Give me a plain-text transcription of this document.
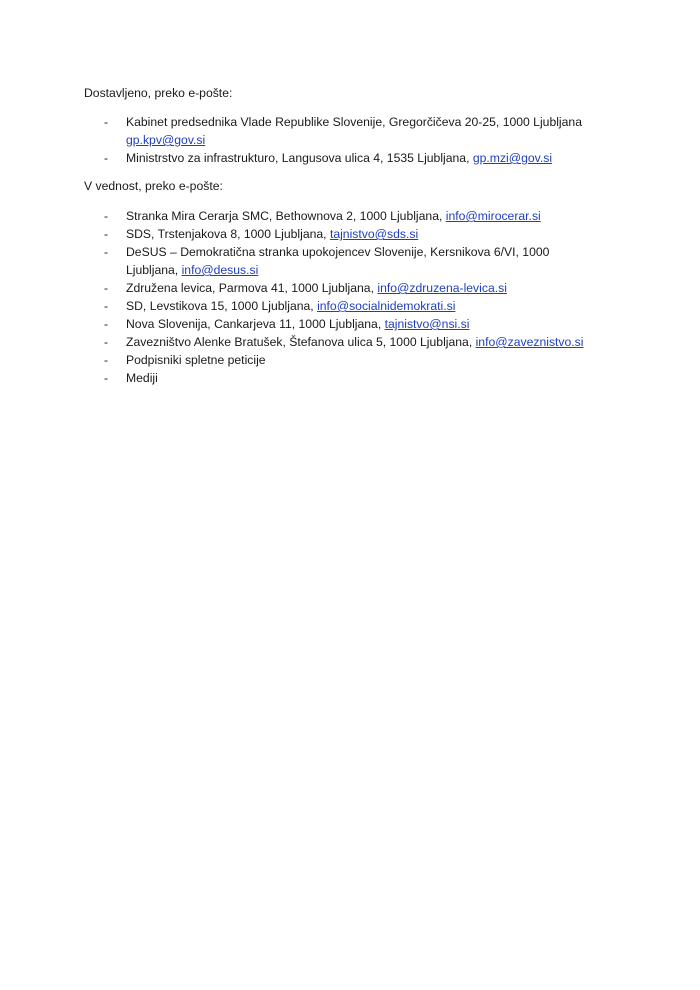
Dostavljeno, preko e-pošte:

- Kabinet predsednika Vlade Republike Slovenije, Gregorčičeva 20-25, 1000 Ljubljana gp.kpv@gov.si
- Ministrstvo za infrastrukturo, Langusova ulica 4, 1535 Ljubljana, gp.mzi@gov.si

V vednost, preko e-pošte:

- Stranka Mira Cerarja SMC, Bethownova 2, 1000 Ljubljana, info@mirocerar.si
- SDS, Trstenjakova 8, 1000 Ljubljana, tajnistvo@sds.si
- DeSUS – Demokratična stranka upokojencev Slovenije, Kersnikova 6/VI, 1000 Ljubljana, info@desus.si
- Združena levica, Parmova 41, 1000 Ljubljana, info@zdruzena-levica.si
- SD, Levstikova 15, 1000 Ljubljana, info@socialnidemokrati.si
- Nova Slovenija, Cankarjeva 11, 1000 Ljubljana, tajnistvo@nsi.si
- Zavezništvo Alenke Bratušek, Štefanova ulica 5, 1000 Ljubljana, info@zaveznistvo.si
- Podpisniki spletne peticije
- Mediji
